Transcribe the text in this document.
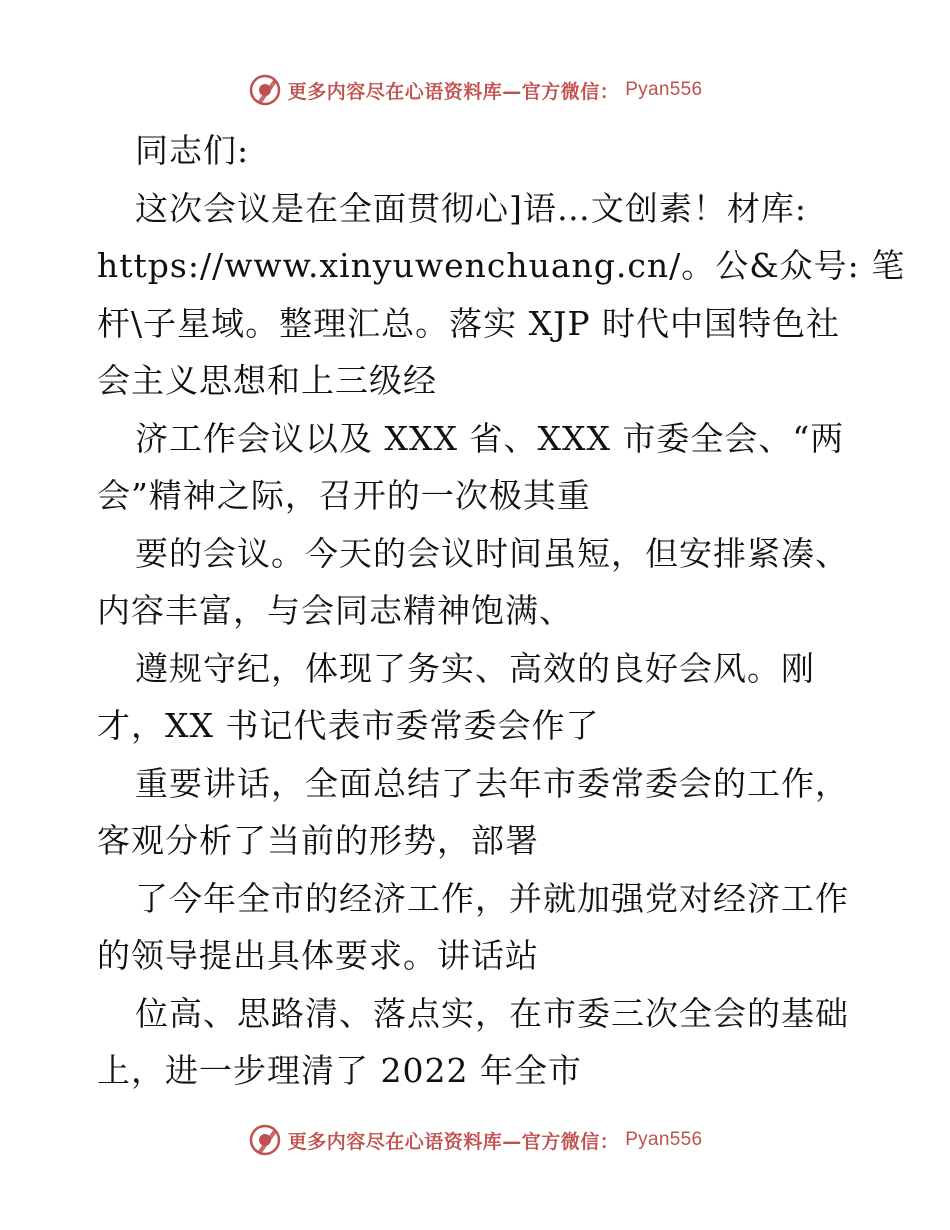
更多内容尽在心语资料库—官方微信： Pyan556
同志们:
这次会议是在全面贯彻心]语…文创素！材库:
https://www.xinyuwenchuang.cn/。公&众号: 笔
杆\子星域。整理汇总。落实 XJP 时代中国特色社
会主义思想和上三级经
济工作会议以及 XXX 省、XXX 市委全会、“两
会”精神之际，召开的一次极其重
要的会议。今天的会议时间虽短，但安排紧凑、
内容丰富，与会同志精神饱满、
遵规守纪，体现了务实、高效的良好会风。刚
才，XX 书记代表市委常委会作了
重要讲话，全面总结了去年市委常委会的工作，
客观分析了当前的形势，部署
了今年全市的经济工作，并就加强党对经济工作
的领导提出具体要求。讲话站
位高、思路清、落点实，在市委三次全会的基础
上，进一步理清了 2022 年全市
更多内容尽在心语资料库—官方微信： Pyan556
